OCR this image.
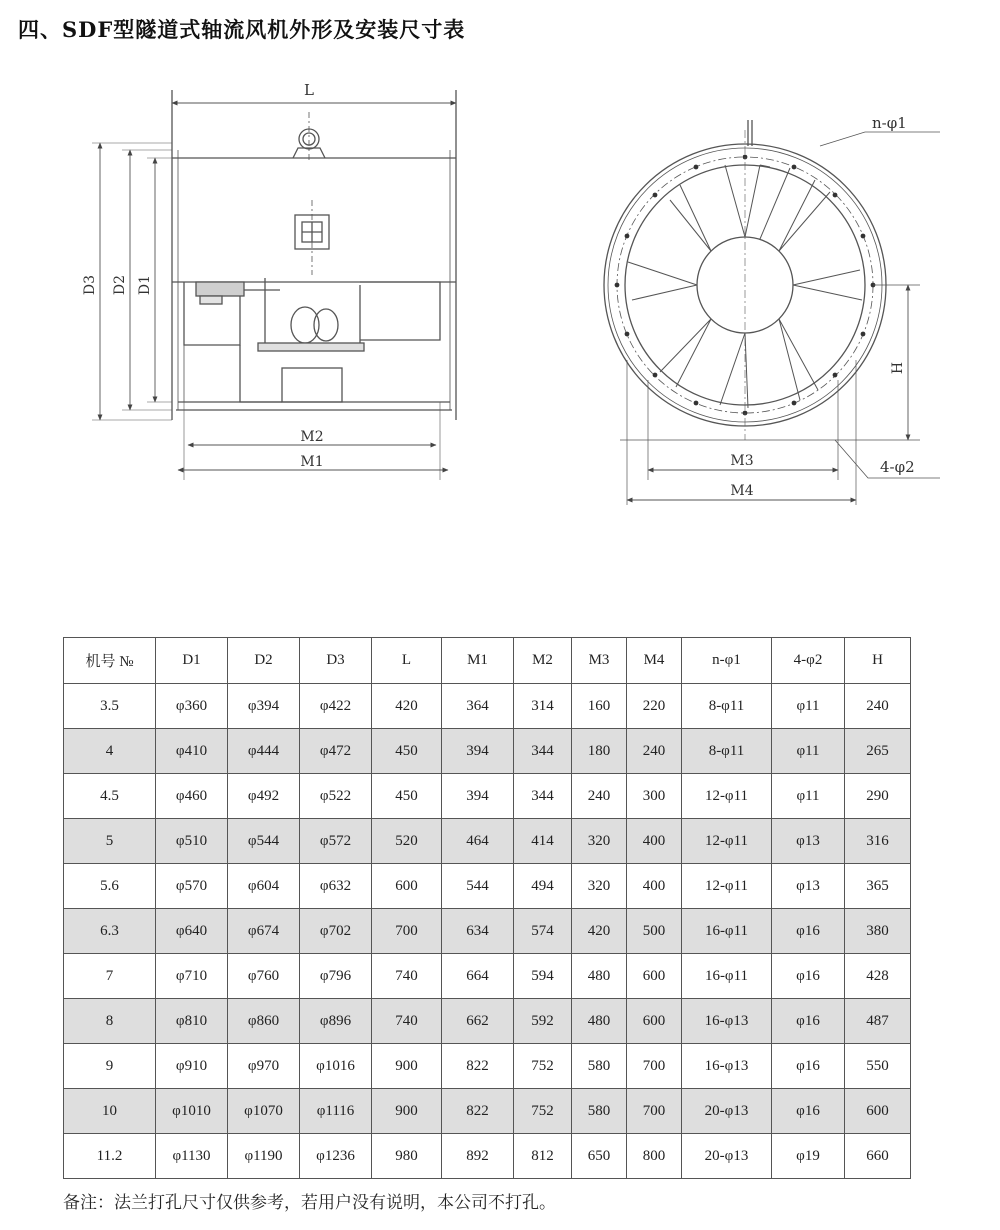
四、SDF型隧道式轴流风机外形及安装尺寸表
L
D3 D2 D1
M2
M1
n-φ1
H
M3	4-φ2
M4
机号 №	D1	D2	D3	L	M1	M2	M3	M4	n-φ1	4-φ2	H
3.5	φ360	φ394	φ422	420	364	314	160	220	8-φ11	φ11	240
4	φ410	φ444	φ472	450	394	344	180	240	8-φ11	φ11	265
4.5	φ460	φ492	φ522	450	394	344	240	300	12-φ11	φ11	290
5	φ510	φ544	φ572	520	464	414	320	400	12-φ11	φ13	316
5.6	φ570	φ604	φ632	600	544	494	320	400	12-φ11	φ13	365
6.3	φ640	φ674	φ702	700	634	574	420	500	16-φ11	φ16	380
7	φ710	φ760	φ796	740	664	594	480	600	16-φ11	φ16	428
8	φ810	φ860	φ896	740	662	592	480	600	16-φ13	φ16	487
9	φ910	φ970	φ1016	900	822	752	580	700	16-φ13	φ16	550
10	φ1010	φ1070	φ1116	900	822	752	580	700	20-φ13	φ16	600
11.2	φ1130	φ1190	φ1236	980	892	812	650	800	20-φ13	φ19	660
备注：法兰打孔尺寸仅供参考，若用户没有说明，本公司不打孔。
